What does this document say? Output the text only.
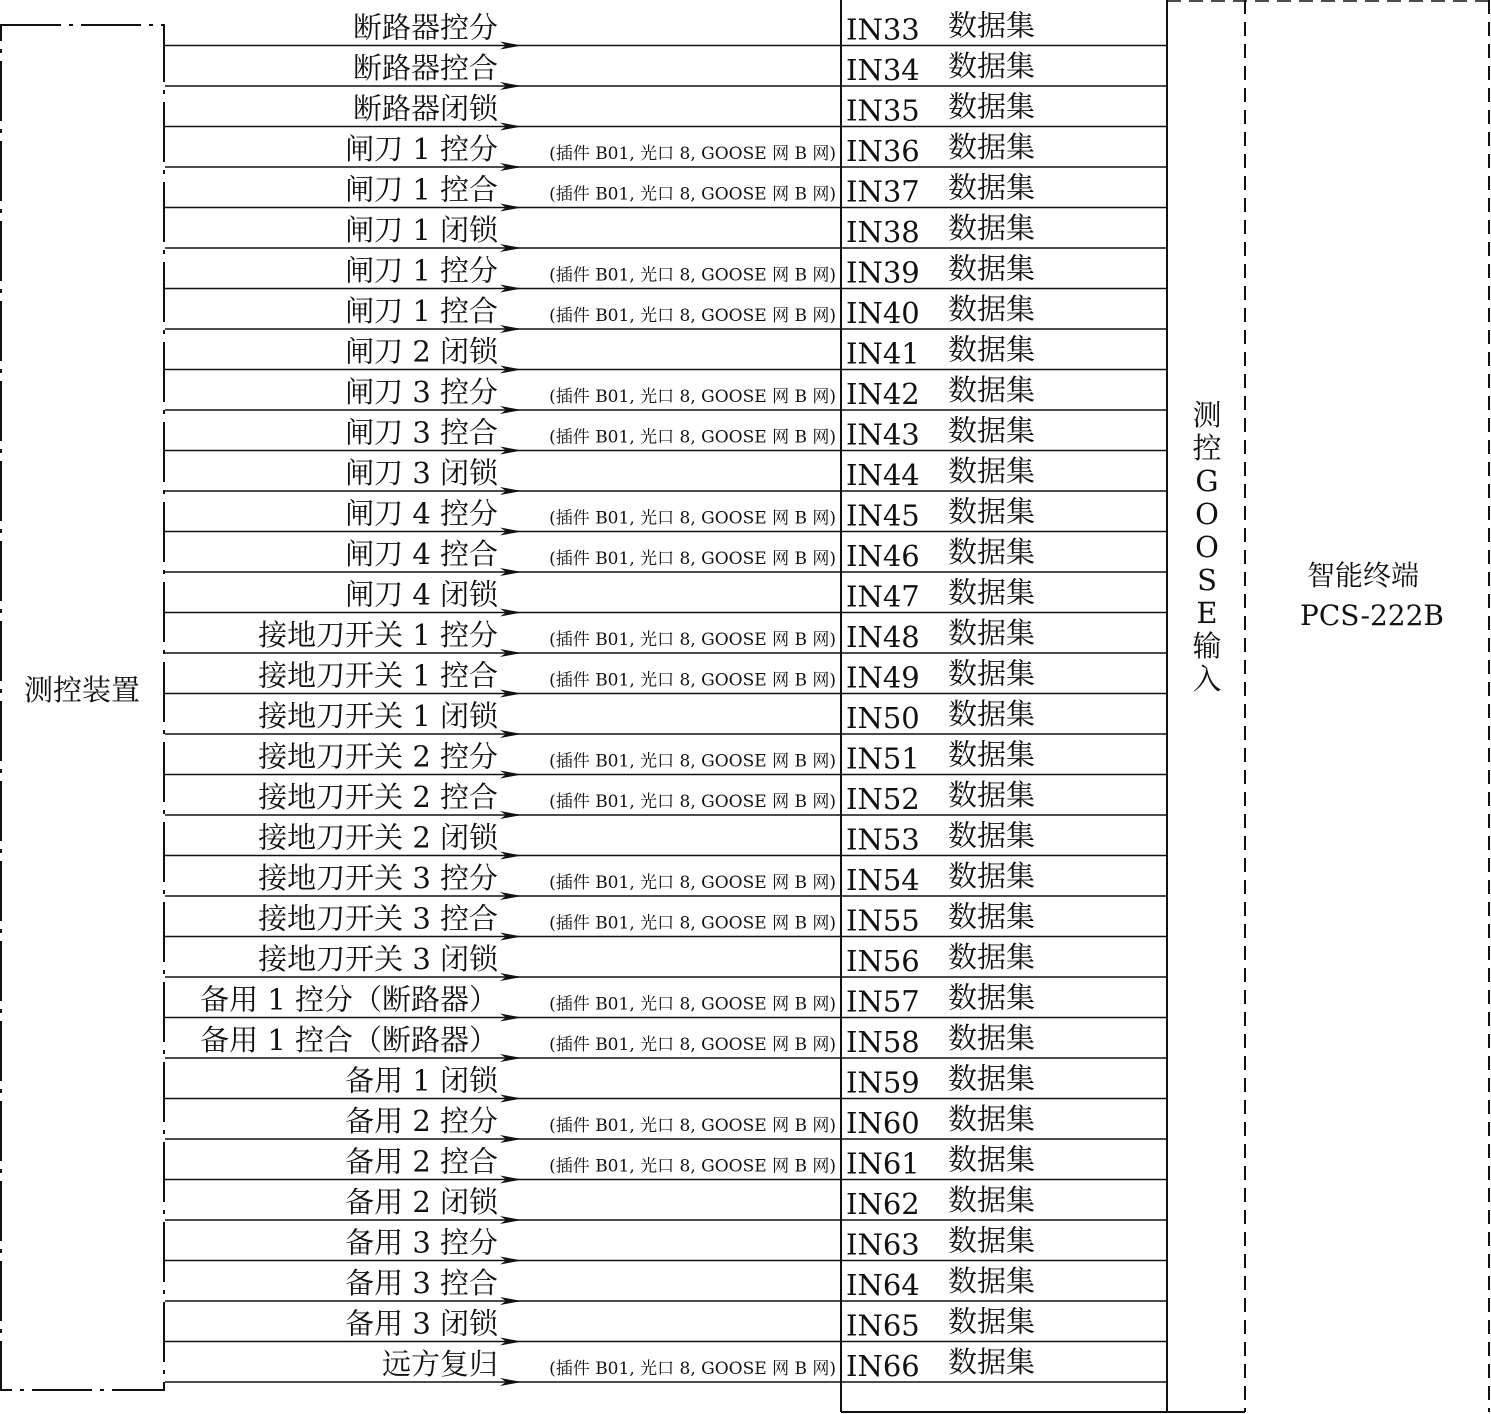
测控装置
测
控
G
O
O
S
E
输
入
智能终端
PCS-222B
断路器控分	IN33 数据集
断路器控合	IN34 数据集
断路器闭锁	IN35 数据集
闸刀 1 控分	(插件 B01, 光口 8, GOOSE 网 B 网) IN36 数据集
闸刀 1 控合	(插件 B01, 光口 8, GOOSE 网 B 网) IN37 数据集
闸刀 1 闭锁	IN38 数据集
闸刀 1 控分	(插件 B01, 光口 8, GOOSE 网 B 网) IN39 数据集
闸刀 1 控合	(插件 B01, 光口 8, GOOSE 网 B 网) IN40 数据集
闸刀 2 闭锁	IN41 数据集
闸刀 3 控分	(插件 B01, 光口 8, GOOSE 网 B 网) IN42 数据集
闸刀 3 控合	(插件 B01, 光口 8, GOOSE 网 B 网) IN43 数据集
闸刀 3 闭锁	IN44 数据集
闸刀 4 控分	(插件 B01, 光口 8, GOOSE 网 B 网) IN45 数据集
闸刀 4 控合	(插件 B01, 光口 8, GOOSE 网 B 网) IN46 数据集
闸刀 4 闭锁	IN47 数据集
接地刀开关 1 控分	(插件 B01, 光口 8, GOOSE 网 B 网) IN48 数据集
接地刀开关 1 控合	(插件 B01, 光口 8, GOOSE 网 B 网) IN49 数据集
接地刀开关 1 闭锁	IN50 数据集
接地刀开关 2 控分	(插件 B01, 光口 8, GOOSE 网 B 网) IN51 数据集
接地刀开关 2 控合	(插件 B01, 光口 8, GOOSE 网 B 网) IN52 数据集
接地刀开关 2 闭锁	IN53 数据集
接地刀开关 3 控分	(插件 B01, 光口 8, GOOSE 网 B 网) IN54 数据集
接地刀开关 3 控合	(插件 B01, 光口 8, GOOSE 网 B 网) IN55 数据集
接地刀开关 3 闭锁	IN56 数据集
备用 1 控分（断路器）	(插件 B01, 光口 8, GOOSE 网 B 网) IN57 数据集
备用 1 控合（断路器）	(插件 B01, 光口 8, GOOSE 网 B 网) IN58 数据集
备用 1 闭锁	IN59 数据集
备用 2 控分	(插件 B01, 光口 8, GOOSE 网 B 网) IN60 数据集
备用 2 控合	(插件 B01, 光口 8, GOOSE 网 B 网) IN61 数据集
备用 2 闭锁	IN62 数据集
备用 3 控分	IN63 数据集
备用 3 控合	IN64 数据集
备用 3 闭锁	IN65 数据集
远方复归	(插件 B01, 光口 8, GOOSE 网 B 网) IN66 数据集
